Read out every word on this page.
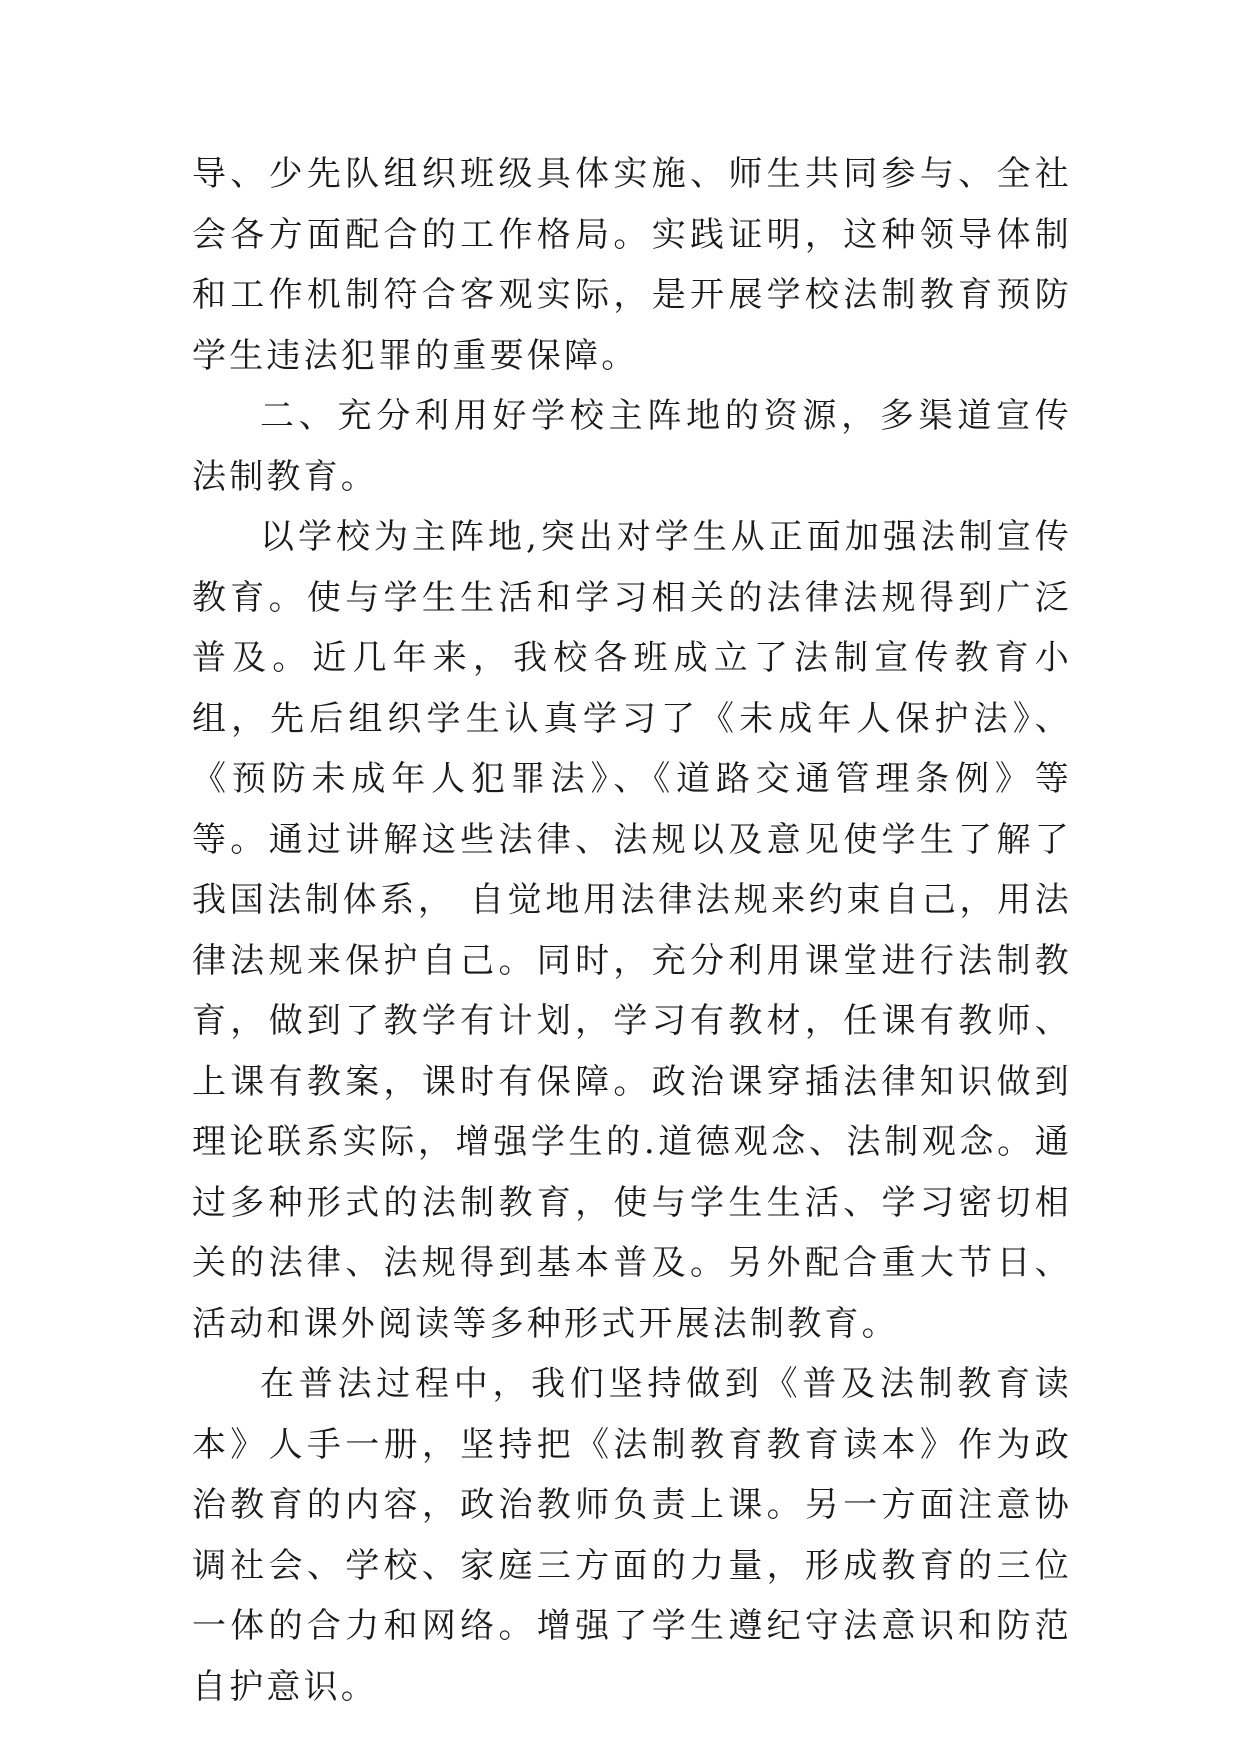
导、少先队组织班级具体实施、师生共同参与、全社会各方面配合的工作格局。实践证明，这种领导体制和工作机制符合客观实际，是开展学校法制教育预防学生违法犯罪的重要保障。

二、充分利用好学校主阵地的资源，多渠道宣传法制教育。

以学校为主阵地,突出对学生从正面加强法制宣传教育。使与学生生活和学习相关的法律法规得到广泛普及。近几年来，我校各班成立了法制宣传教育小组，先后组织学生认真学习了《未成年人保护法》、《预防未成年人犯罪法》、《道路交通管理条例》等等。通过讲解这些法律、法规以及意见使学生了解了我国法制体系， 自觉地用法律法规来约束自己，用法律法规来保护自己。同时，充分利用课堂进行法制教育，做到了教学有计划，学习有教材，任课有教师、上课有教案，课时有保障。政治课穿插法律知识做到理论联系实际，增强学生的.道德观念、法制观念。通过多种形式的法制教育，使与学生生活、学习密切相关的法律、法规得到基本普及。另外配合重大节日、活动和课外阅读等多种形式开展法制教育。

在普法过程中，我们坚持做到《普及法制教育读本》人手一册，坚持把《法制教育教育读本》作为政治教育的内容，政治教师负责上课。另一方面注意协调社会、学校、家庭三方面的力量，形成教育的三位一体的合力和网络。增强了学生遵纪守法意识和防范自护意识。
